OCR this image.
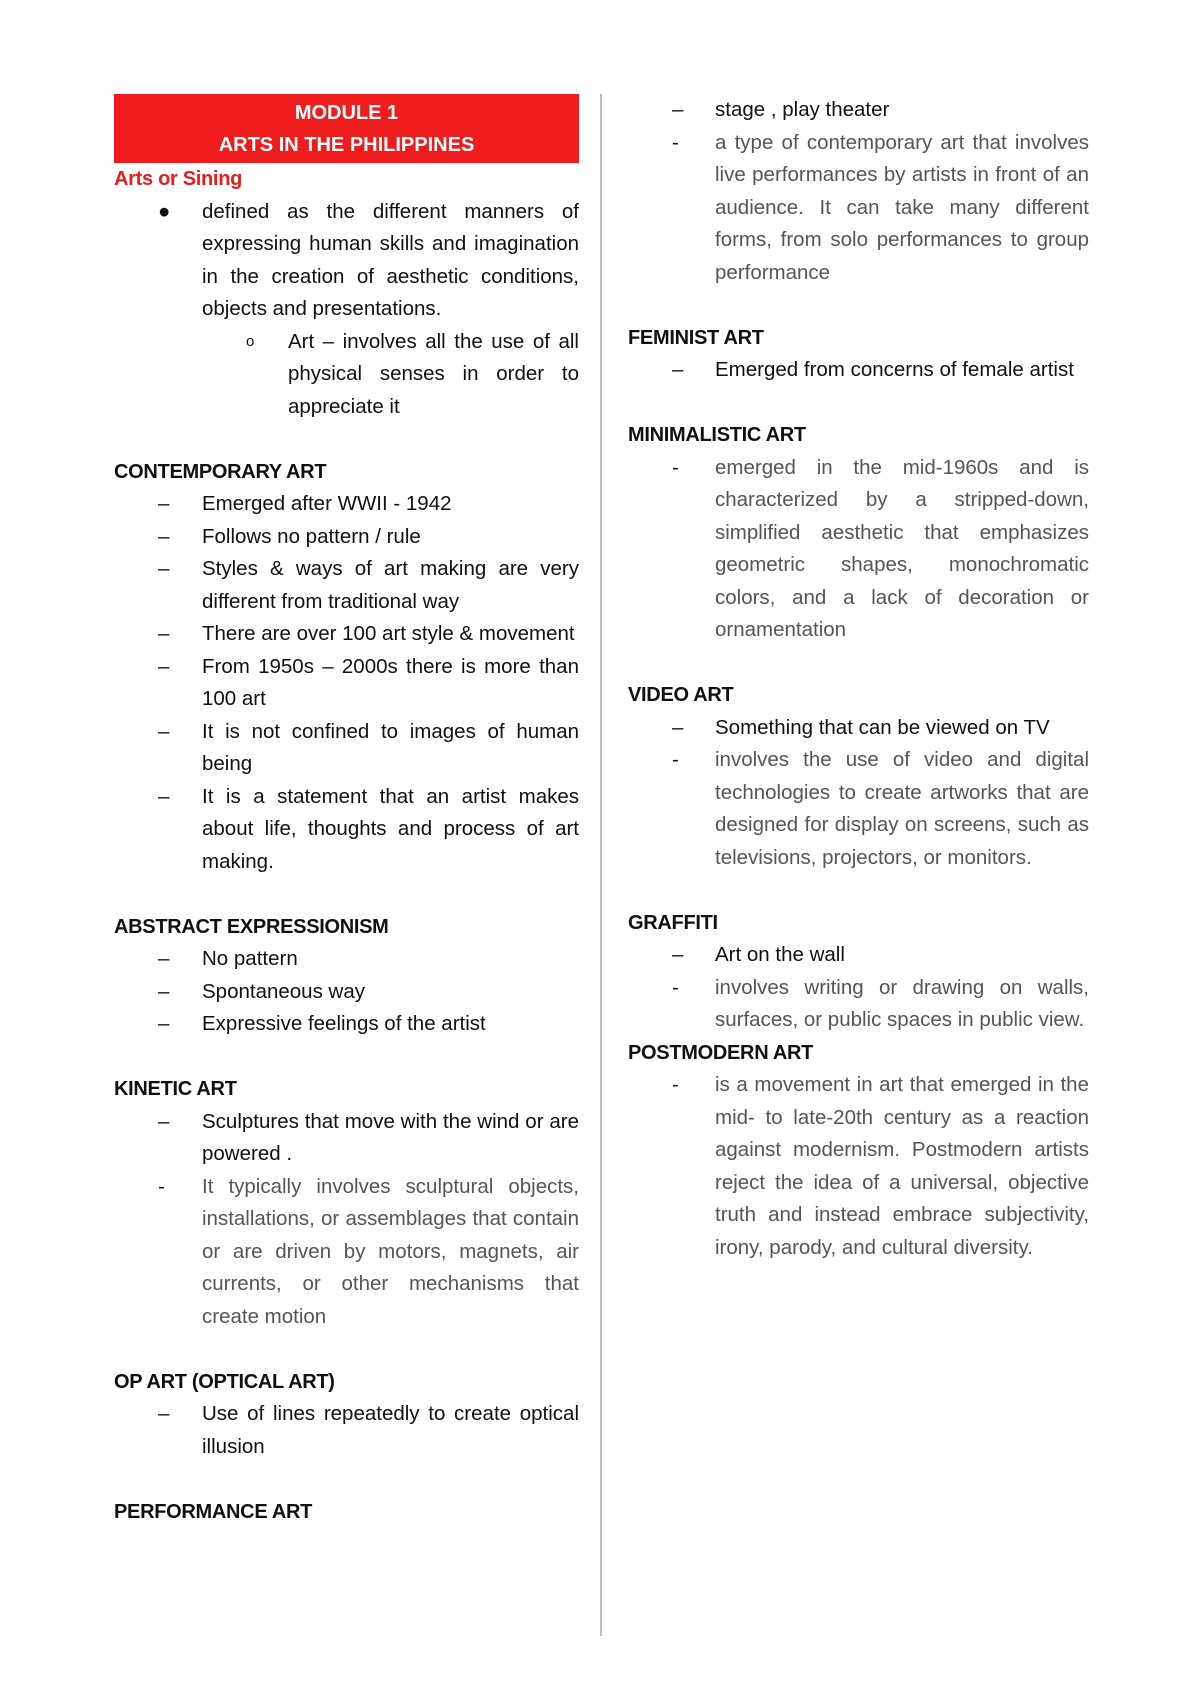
MODULE 1
ARTS IN THE PHILIPPINES
Arts or Sining
●	defined as the different manners of expressing human skills and imagination in the creation of aesthetic conditions, objects and presentations.
o Art – involves all the use of all physical senses in order to appreciate it
CONTEMPORARY ART
–	Emerged after WWII - 1942
–	Follows no pattern / rule
–	Styles & ways of art making are very different from traditional way
–	There are over 100 art style & movement
–	From 1950s – 2000s there is more than 100 art
–	It is not confined to images of human being
–	It is a statement that an artist makes about life, thoughts and process of art making.
ABSTRACT EXPRESSIONISM
–	No pattern
–	Spontaneous way
–	Expressive feelings of the artist
KINETIC ART
–	Sculptures that move with the wind or are powered .
-	It typically involves sculptural objects, installations, or assemblages that contain or are driven by motors, magnets, air currents, or other mechanisms that create motion
OP ART (OPTICAL ART)
–	Use of lines repeatedly to create optical illusion
PERFORMANCE ART
–	stage , play theater
-	a type of contemporary art that involves live performances by artists in front of an audience. It can take many different forms, from solo performances to group performance
FEMINIST ART
–	Emerged from concerns of female artist
MINIMALISTIC ART
-	emerged in the mid-1960s and is characterized by a stripped-down, simplified aesthetic that emphasizes geometric shapes, monochromatic colors, and a lack of decoration or ornamentation
VIDEO ART
–	Something that can be viewed on TV
-	involves the use of video and digital technologies to create artworks that are designed for display on screens, such as televisions, projectors, or monitors.
GRAFFITI
–	Art on the wall
-	involves writing or drawing on walls, surfaces, or public spaces in public view.
POSTMODERN ART
-	is a movement in art that emerged in the mid- to late-20th century as a reaction against modernism. Postmodern artists reject the idea of a universal, objective truth and instead embrace subjectivity, irony, parody, and cultural diversity.
